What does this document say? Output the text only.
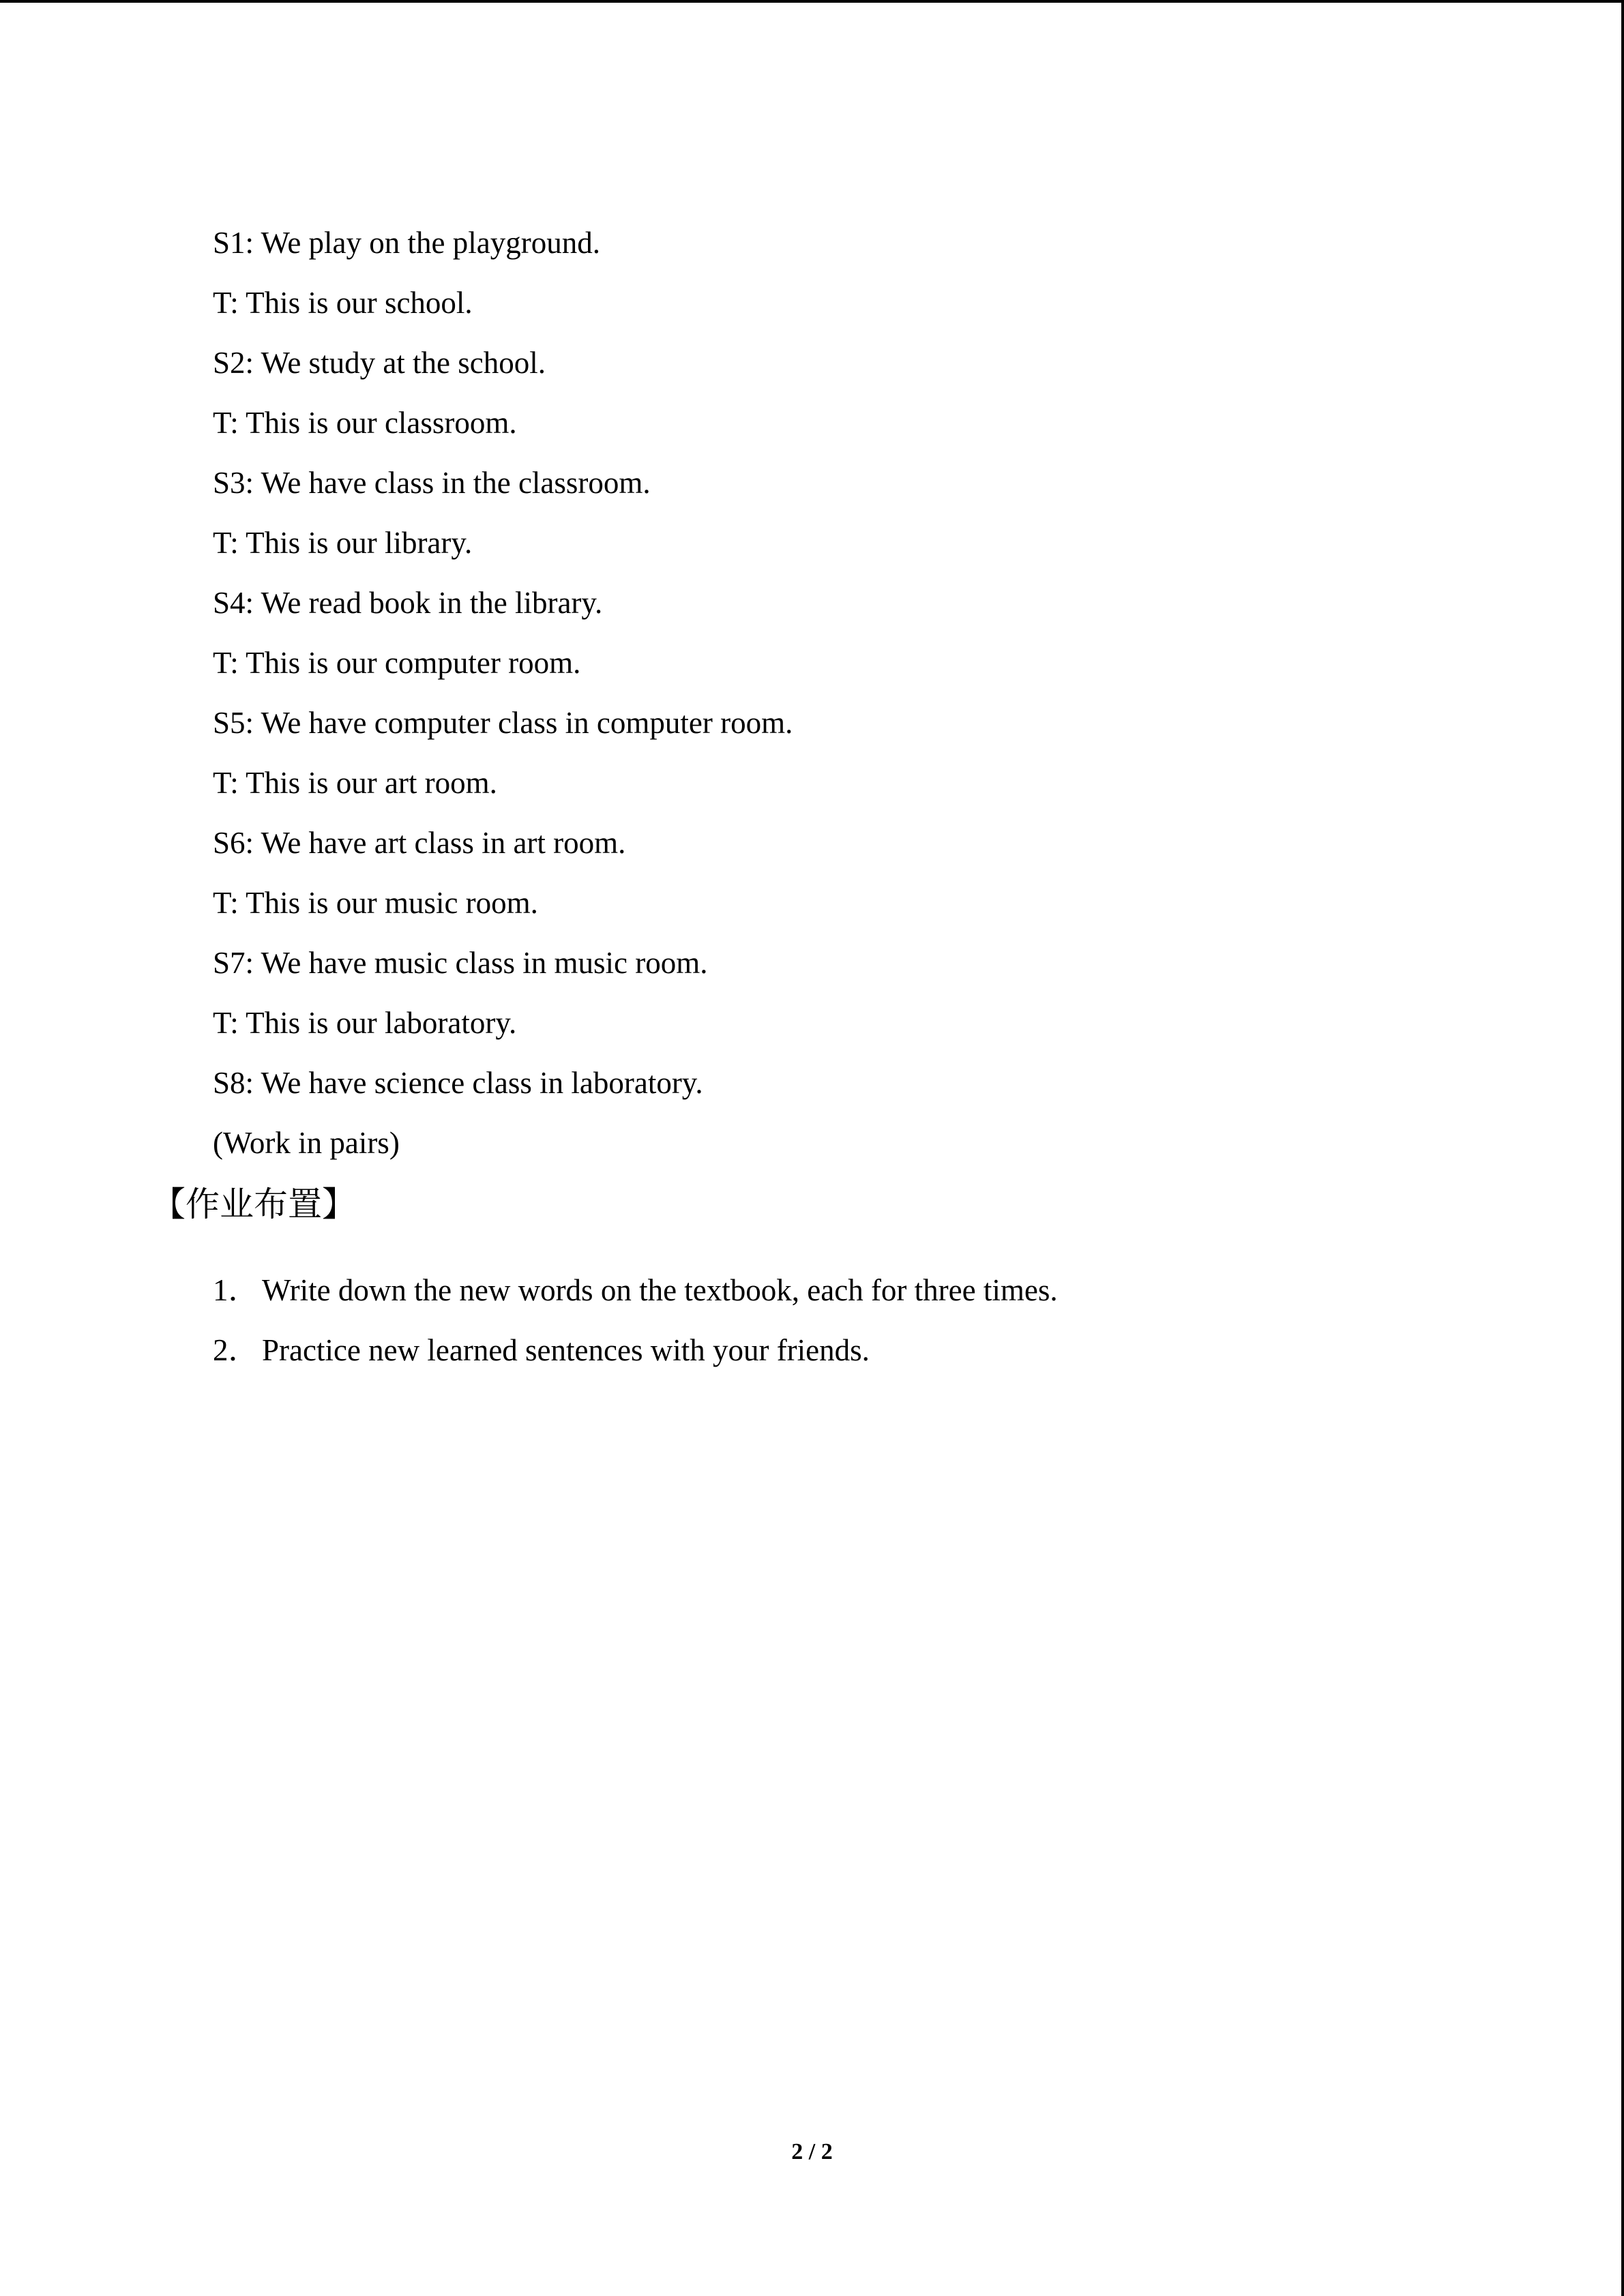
S1: We play on the playground.
T: This is our school.
S2: We study at the school.
T: This is our classroom.
S3: We have class in the classroom.
T: This is our library.
S4: We read book in the library.
T: This is our computer room.
S5: We have computer class in computer room.
T: This is our art room.
S6: We have art class in art room.
T: This is our music room.
S7: We have music class in music room.
T: This is our laboratory.
S8: We have science class in laboratory.
(Work in pairs)
【作业布置】
1．Write down the new words on the textbook, each for three times.
2．Practice new learned sentences with your friends.
2 / 2
